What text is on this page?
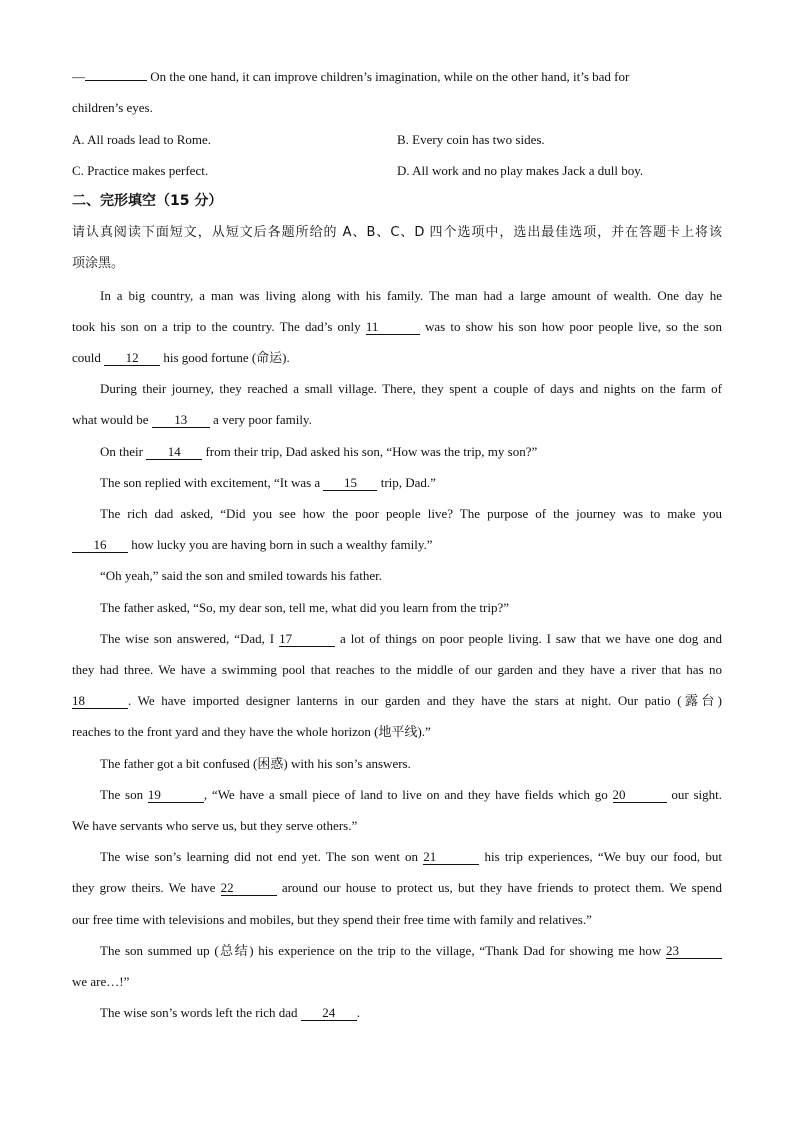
—	On the one hand, it can improve children’s imagination, while on the other hand, it’s bad for
children’s eyes.
A. All roads lead to Rome.	B. Every coin has two sides.
C. Practice makes perfect.	D. All work and no play makes Jack a dull boy.
二、完形填空（15 分）
请认真阅读下面短文，从短文后各题所给的 A、B、C、D 四个选项中，选出最佳选项，并在答题卡上将该
项涂黑。
In a big country, a man was living along with his family. The man had a large amount of wealth. One day he
took his son on a trip to the country. The dad’s only 11	was to show his son how poor people live, so the son
could 12 his good fortune (命运).
During their journey, they reached a small village. There, they spent a couple of days and nights on the farm of
what would be 13 a very poor family.
On their 14 from their trip, Dad asked his son, “How was the trip, my son?”
The son replied with excitement, “It was a 15 trip, Dad.”
The rich dad asked, “Did you see how the poor people live? The purpose of the journey was to make you
16 how lucky you are having born in such a wealthy family.”
“Oh yeah,” said the son and smiled towards his father.
The father asked, “So, my dear son, tell me, what did you learn from the trip?”
The wise son answered, “Dad, I 17	a lot of things on poor people living. I saw that we have one dog and
they had three. We have a swimming pool that reaches to the middle of our garden and they have a river that has no
18	. We have imported designer lanterns in our garden and they have the stars at night. Our patio (露台)
reaches to the front yard and they have the whole horizon (地平线).”
The father got a bit confused (困惑) with his son’s answers.
The son 19	, “We have a small piece of land to live on and they have fields which go 20	our sight.
We have servants who serve us, but they serve others.”
The wise son’s learning did not end yet. The son went on 21	his trip experiences, “We buy our food, but
they grow theirs. We have 22	around our house to protect us, but they have friends to protect them. We spend
our free time with televisions and mobiles, but they spend their free time with family and relatives.”
The son summed up (总结) his experience on the trip to the village, “Thank Dad for showing me how 23
we are…!”
The wise son’s words left the rich dad 24 .
